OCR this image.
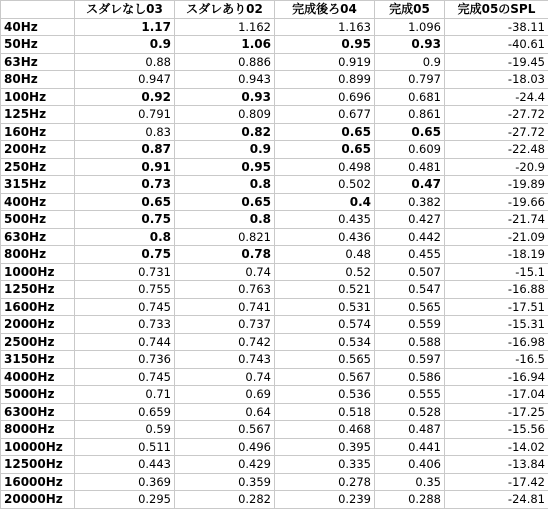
	スダレなし03	スダレあり02	完成後ろ04	完成05	完成05のSPL
40Hz	1.17	1.162	1.163	1.096	-38.11
50Hz	0.9	1.06	0.95	0.93	-40.61
63Hz	0.88	0.886	0.919	0.9	-19.45
80Hz	0.947	0.943	0.899	0.797	-18.03
100Hz	0.92	0.93	0.696	0.681	-24.4
125Hz	0.791	0.809	0.677	0.861	-27.72
160Hz	0.83	0.82	0.65	0.65	-27.72
200Hz	0.87	0.9	0.65	0.609	-22.48
250Hz	0.91	0.95	0.498	0.481	-20.9
315Hz	0.73	0.8	0.502	0.47	-19.89
400Hz	0.65	0.65	0.4	0.382	-19.66
500Hz	0.75	0.8	0.435	0.427	-21.74
630Hz	0.8	0.821	0.436	0.442	-21.09
800Hz	0.75	0.78	0.48	0.455	-18.19
1000Hz	0.731	0.74	0.52	0.507	-15.1
1250Hz	0.755	0.763	0.521	0.547	-16.88
1600Hz	0.745	0.741	0.531	0.565	-17.51
2000Hz	0.733	0.737	0.574	0.559	-15.31
2500Hz	0.744	0.742	0.534	0.588	-16.98
3150Hz	0.736	0.743	0.565	0.597	-16.5
4000Hz	0.745	0.74	0.567	0.586	-16.94
5000Hz	0.71	0.69	0.536	0.555	-17.04
6300Hz	0.659	0.64	0.518	0.528	-17.25
8000Hz	0.59	0.567	0.468	0.487	-15.56
10000Hz	0.511	0.496	0.395	0.441	-14.02
12500Hz	0.443	0.429	0.335	0.406	-13.84
16000Hz	0.369	0.359	0.278	0.35	-17.42
20000Hz	0.295	0.282	0.239	0.288	-24.81
